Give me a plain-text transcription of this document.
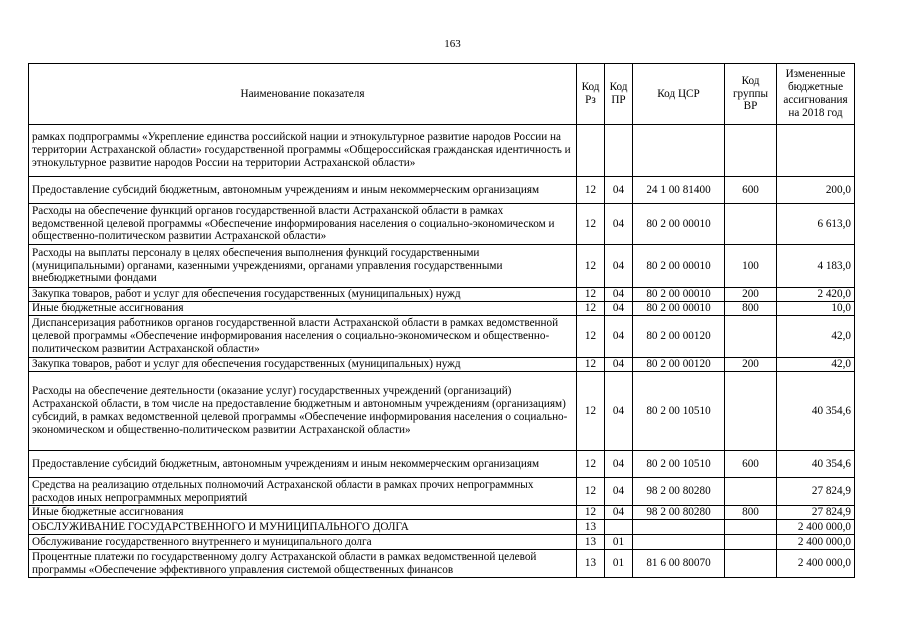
163
Наименование показателя	Код Рз	Код ПР	Код ЦСР	Код группы ВР	Измененные бюджетные ассигнования на 2018 год
рамках подпрограммы «Укрепление единства российской нации и этнокультурное развитие народов России на территории Астраханской области» государственной программы «Общероссийская гражданская идентичность и этнокультурное развитие народов России на территории Астраханской области»					
Предоставление субсидий бюджетным, автономным учреждениям и иным некоммерческим организациям	12	04	24 1 00 81400	600	200,0
Расходы на обеспечение функций органов государственной власти Астраханской области в рамках ведомственной целевой программы «Обеспечение информирования населения о социально-экономическом и общественно-политическом развитии Астраханской области»	12	04	80 2 00 00010		6 613,0
Расходы на выплаты персоналу в целях обеспечения выполнения функций государственными (муниципальными) органами, казенными учреждениями, органами управления государственными внебюджетными фондами	12	04	80 2 00 00010	100	4 183,0
Закупка товаров, работ и услуг для обеспечения государственных (муниципальных) нужд	12	04	80 2 00 00010	200	2 420,0
Иные бюджетные ассигнования	12	04	80 2 00 00010	800	10,0
Диспансеризация работников органов государственной власти Астраханской области в рамках ведомственной целевой программы «Обеспечение информирования населения о социально-экономическом и общественно-политическом развитии Астраханской области»	12	04	80 2 00 00120		42,0
Закупка товаров, работ и услуг для обеспечения государственных (муниципальных) нужд	12	04	80 2 00 00120	200	42,0
Расходы на обеспечение деятельности (оказание услуг) государственных учреждений (организаций) Астраханской области, в том числе на предоставление бюджетным и автономным учреждениям (организациям) субсидий, в рамках ведомственной целевой программы «Обеспечение информирования населения о социально-экономическом и общественно-политическом развитии Астраханской области»	12	04	80 2 00 10510		40 354,6
Предоставление субсидий бюджетным, автономным учреждениям и иным некоммерческим организациям	12	04	80 2 00 10510	600	40 354,6
Средства на реализацию отдельных полномочий Астраханской области в рамках прочих непрограммных расходов иных непрограммных мероприятий	12	04	98 2 00 80280		27 824,9
Иные бюджетные ассигнования	12	04	98 2 00 80280	800	27 824,9
ОБСЛУЖИВАНИЕ ГОСУДАРСТВЕННОГО И МУНИЦИПАЛЬНОГО ДОЛГА	13				2 400 000,0
Обслуживание государственного внутреннего и муниципального долга	13	01			2 400 000,0
Процентные платежи по государственному долгу Астраханской области в рамках ведомственной целевой программы «Обеспечение эффективного управления системой общественных финансов	13	01	81 6 00 80070		2 400 000,0
